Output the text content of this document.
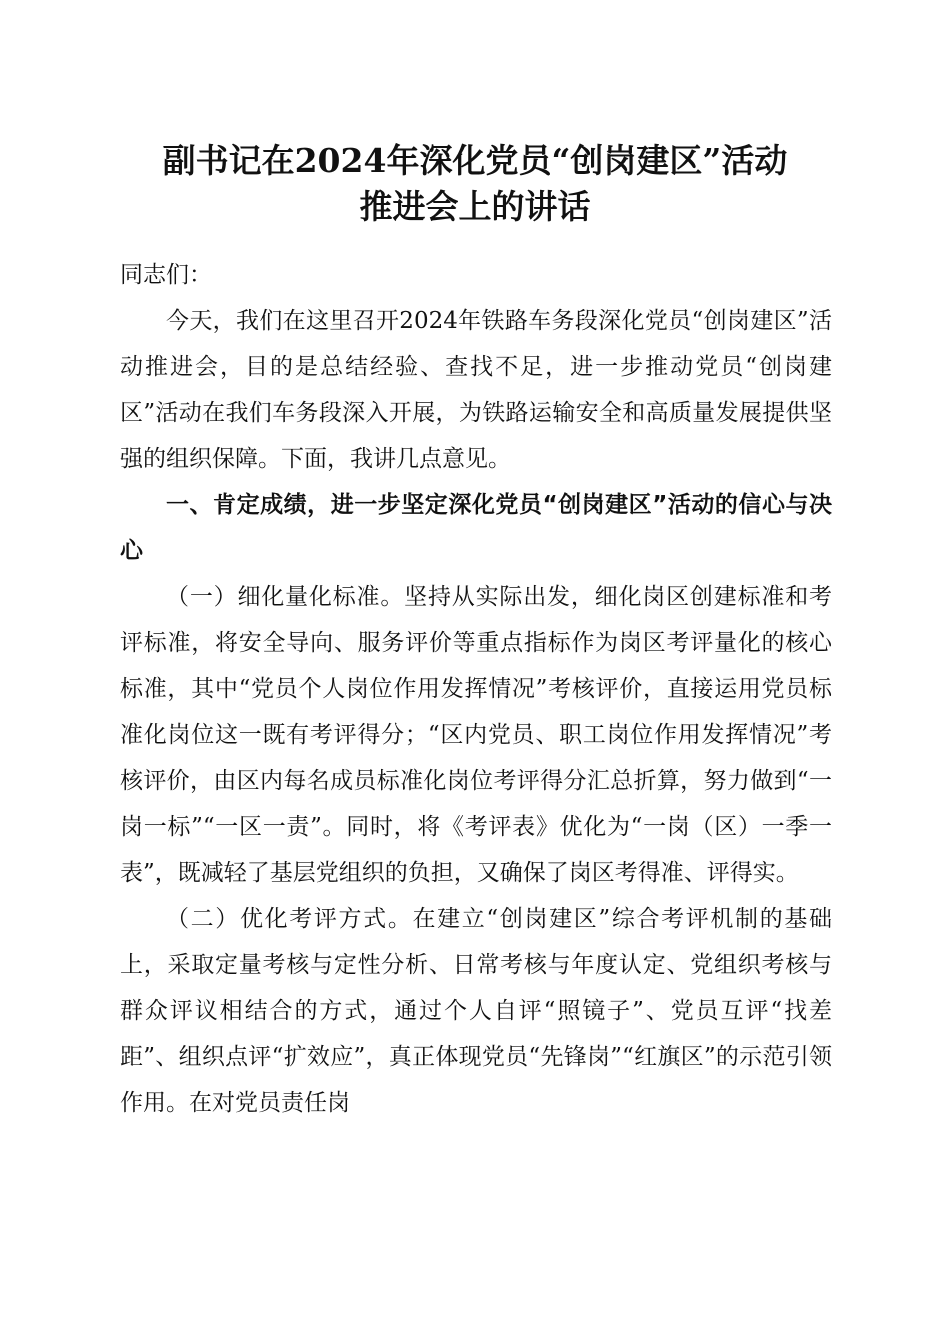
副书记在2024年深化党员“创岗建区”活动
推进会上的讲话

同志们：

今天，我们在这里召开2024年铁路车务段深化党员“创岗建区”活动推进会，目的是总结经验、查找不足，进一步推动党员“创岗建区”活动在我们车务段深入开展，为铁路运输安全和高质量发展提供坚强的组织保障。下面，我讲几点意见。

一、肯定成绩，进一步坚定深化党员“创岗建区”活动的信心与决心

（一）细化量化标准。坚持从实际出发，细化岗区创建标准和考评标准，将安全导向、服务评价等重点指标作为岗区考评量化的核心标准，其中“党员个人岗位作用发挥情况”考核评价，直接运用党员标准化岗位这一既有考评得分；“区内党员、职工岗位作用发挥情况”考核评价，由区内每名成员标准化岗位考评得分汇总折算，努力做到“一岗一标”“一区一责”。同时，将《考评表》优化为“一岗（区）一季一表”，既减轻了基层党组织的负担，又确保了岗区考得准、评得实。

（二）优化考评方式。在建立“创岗建区”综合考评机制的基础上，采取定量考核与定性分析、日常考核与年度认定、党组织考核与群众评议相结合的方式，通过个人自评“照镜子”、党员互评“找差距”、组织点评“扩效应”，真正体现党员“先锋岗”“红旗区”的示范引领作用。在对党员责任岗
